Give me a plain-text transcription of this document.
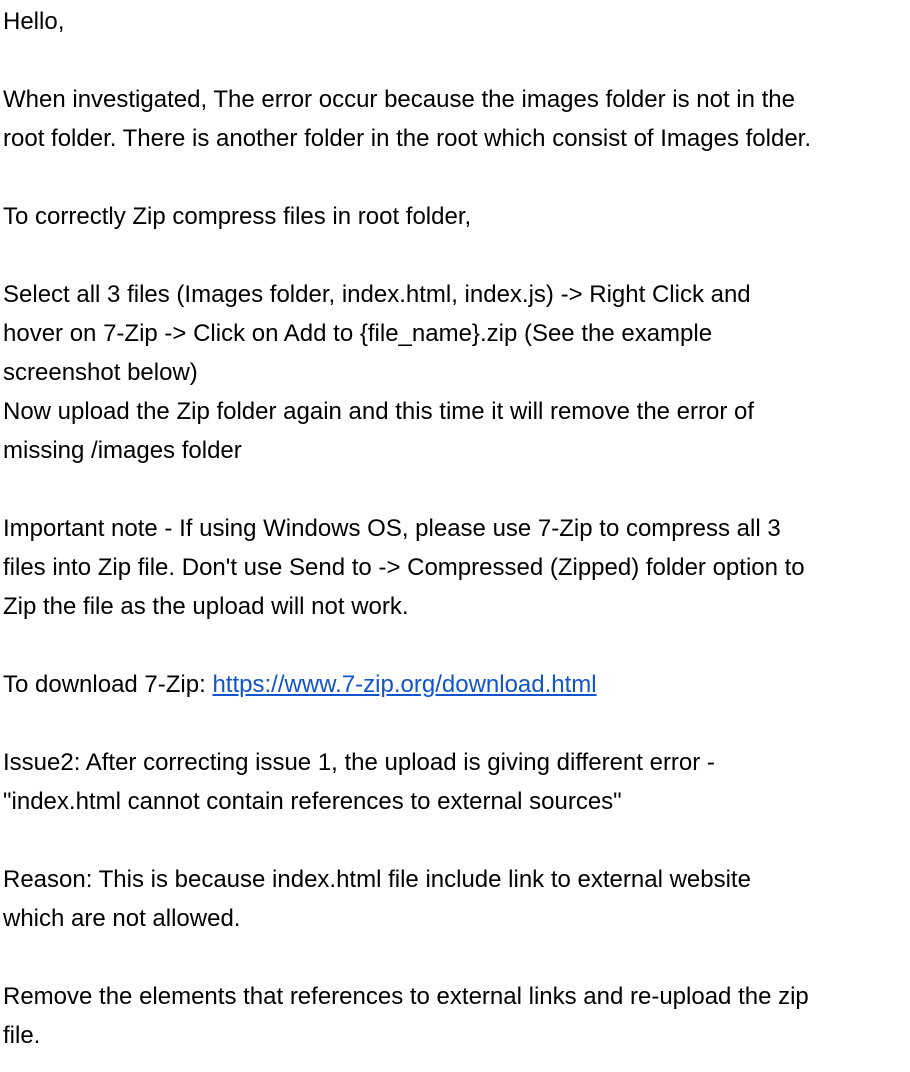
Hello,
When investigated, The error occur because the images folder is not in the
root folder. There is another folder in the root which consist of Images folder.
To correctly Zip compress files in root folder,
Select all 3 files (Images folder, index.html, index.js) -> Right Click and
hover on 7-Zip -> Click on Add to {file_name}.zip (See the example
screenshot below)
Now upload the Zip folder again and this time it will remove the error of
missing /images folder
Important note - If using Windows OS, please use 7-Zip to compress all 3
files into Zip file. Don't use Send to -> Compressed (Zipped) folder option to
Zip the file as the upload will not work.
To download 7-Zip: https://www.7-zip.org/download.html
Issue2: After correcting issue 1, the upload is giving different error -
"index.html cannot contain references to external sources"
Reason: This is because index.html file include link to external website
which are not allowed.
Remove the elements that references to external links and re-upload the zip
file.
